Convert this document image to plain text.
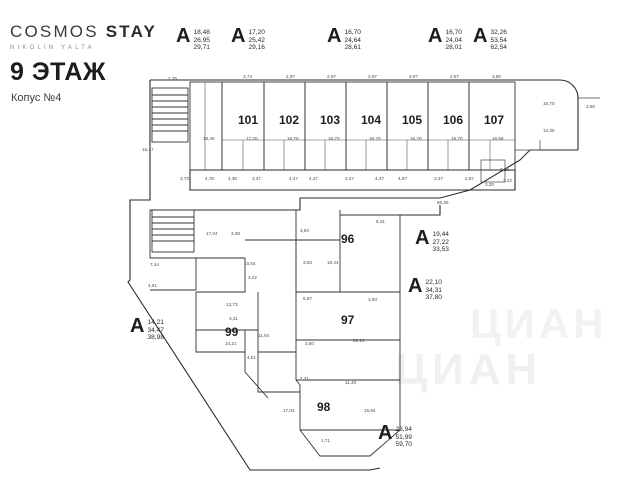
COSMOS STAY
NIKOLIN YALTA
9 ЭТАЖ
Копус №4
ЦИАН
ЦИАН
A 18,48
26,95
29,71
A 17,20
25,42
29,16
A 16,70
24,64
28,61
A 16,70
24,04
28,01
A 32,26
53,54
62,54
A 19,44
27,22
33,53
A 22,10
34,31
37,80
A 14,21
34,47
38,98
A 26,94
51,99
59,70
101 102 103 104 105 106 107
96
97
98
99
2,76	3,74	2,97	2,97	2,97	3,97	2,97	3,80
15,70
3,60
14,36
18,48	17,20	16,70	16,70	16,70	16,70	16,70	16,56
15,47
3,73	4,76	4,36	3,47	4,47 4,47	3,47	4,47	4,67	3,47	2,87
3,22
3,20
3,22
56,36
6,31
3,84
17,04	3,08
3,93	19,44
7,14	10,54
3,22
4,51
6,67	3,50
13,73
3,31
11,94
14,21	3,60
22,10
4,51
2,71
11,40
17,04	15,94
1,71
